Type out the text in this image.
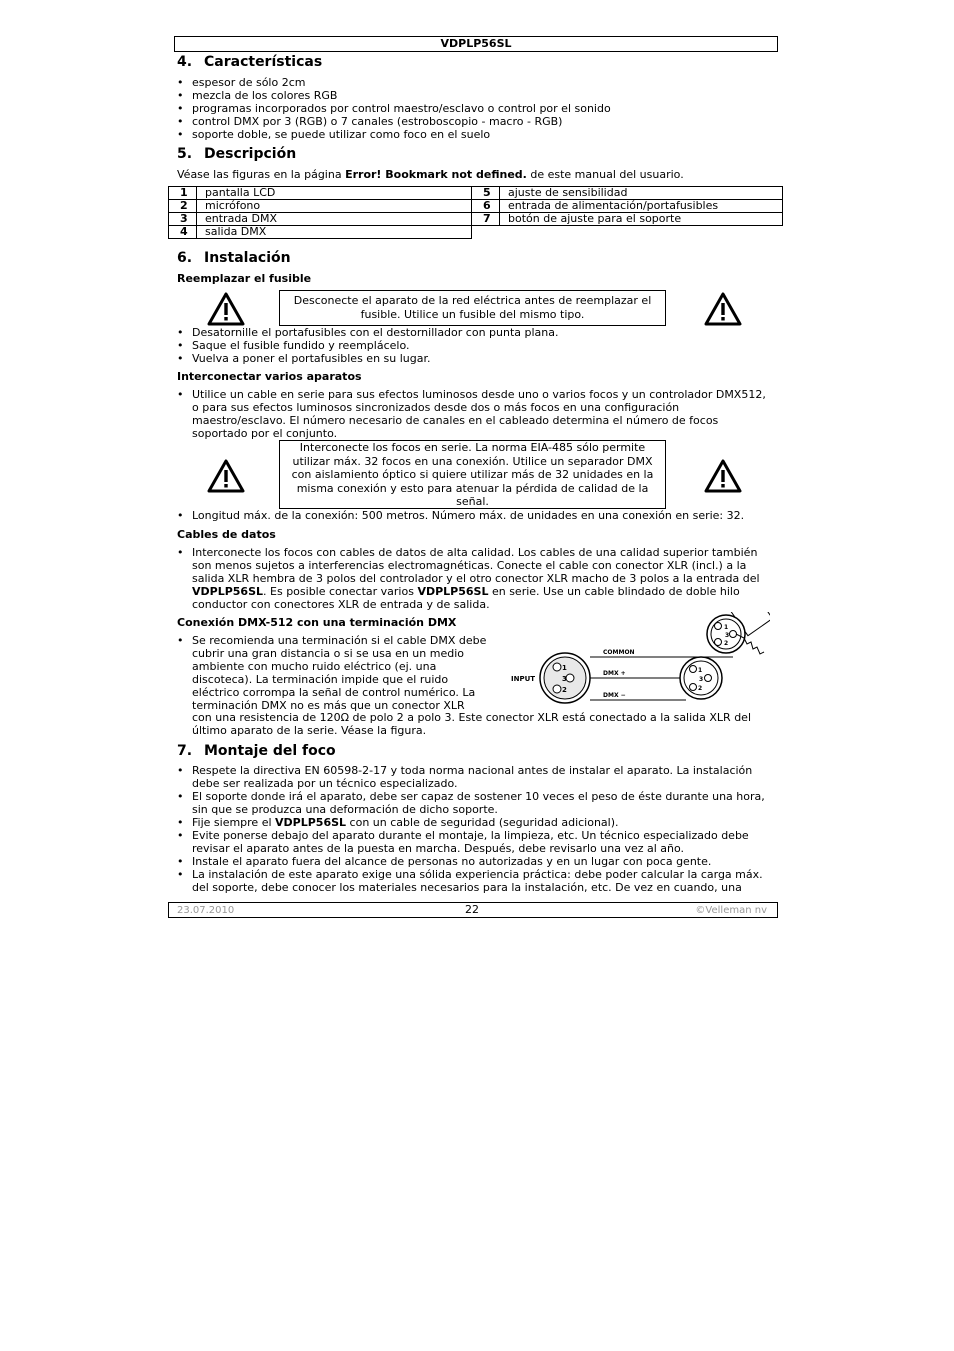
VDPLP56SL
4. Características
• espesor de sólo 2cm
• mezcla de los colores RGB
• programas incorporados por control maestro/esclavo o control por el sonido
• control DMX por 3 (RGB) o 7 canales (estroboscopio - macro - RGB)
• soporte doble, se puede utilizar como foco en el suelo
5. Descripción

Véase las figuras en la página Error! Bookmark not defined. de este manual del usuario.

1	pantalla LCD	5	ajuste de sensibilidad
2	micrófono	6	entrada de alimentación/portafusibles
3	entrada DMX	7	botón de ajuste para el soporte
4	salida DMX		
6. Instalación
Reemplazar el fusible
Desconecte el aparato de la red eléctrica antes de reemplazar el fusible. Utilice un fusible del mismo tipo.
• Desatornille el portafusibles con el destornillador con punta plana.
• Saque el fusible fundido y reemplácelo.
• Vuelva a poner el portafusibles en su lugar.
Interconectar varios aparatos
• Utilice un cable en serie para sus efectos luminosos desde uno o varios focos y un controlador DMX512, o para sus efectos luminosos sincronizados desde dos o más focos en una configuración maestro/esclavo. El número necesario de canales en el cableado determina el número de focos soportado por el conjunto.
Interconecte los focos en serie. La norma EIA-485 sólo permite utilizar máx. 32 focos en una conexión. Utilice un separador DMX con aislamiento óptico si quiere utilizar más de 32 unidades en la misma conexión y esto para atenuar la pérdida de calidad de la señal.
• Longitud máx. de la conexión: 500 metros. Número máx. de unidades en una conexión en serie: 32.
Cables de datos
• Interconecte los focos con cables de datos de alta calidad. Los cables de una calidad superior también son menos sujetos a interferencias electromagnéticas. Conecte el cable con conector XLR (incl.) a la salida XLR hembra de 3 polos del controlador y el otro conector XLR macho de 3 polos a la entrada del VDPLP56SL. Es posible conectar varios VDPLP56SL en serie. Use un cable blindado de doble hilo conductor con conectores XLR de entrada y de salida.
Conexión DMX-512 con una terminación DMX
• Se recomienda una terminación si el cable DMX debe cubrir una gran distancia o si se usa en un medio ambiente con mucho ruido eléctrico (ej. una discoteca). La terminación impide que el ruido eléctrico corrompa la señal de control numérico. La terminación DMX no es más que un conector XLR

con una resistencia de 120Ω de polo 2 a polo 3. Este conector XLR está conectado a la salida XLR del último aparato de la serie. Véase la figura.

1
3
2
INPUT
COMMON
DMX +
DMX −
1
3
2
1
3
2
7. Montaje del foco
• Respete la directiva EN 60598-2-17 y toda norma nacional antes de instalar el aparato. La instalación debe ser realizada por un técnico especializado.
• El soporte donde irá el aparato, debe ser capaz de sostener 10 veces el peso de éste durante una hora, sin que se produzca una deformación de dicho soporte.
• Fije siempre el VDPLP56SL con un cable de seguridad (seguridad adicional).
• Evite ponerse debajo del aparato durante el montaje, la limpieza, etc. Un técnico especializado debe revisar el aparato antes de la puesta en marcha. Después, debe revisarlo una vez al año.
• Instale el aparato fuera del alcance de personas no autorizadas y en un lugar con poca gente.
• La instalación de este aparato exige una sólida experiencia práctica: debe poder calcular la carga máx. del soporte, debe conocer los materiales necesarios para la instalación, etc. De vez en cuando, una
23.07.2010	22	©Velleman nv
